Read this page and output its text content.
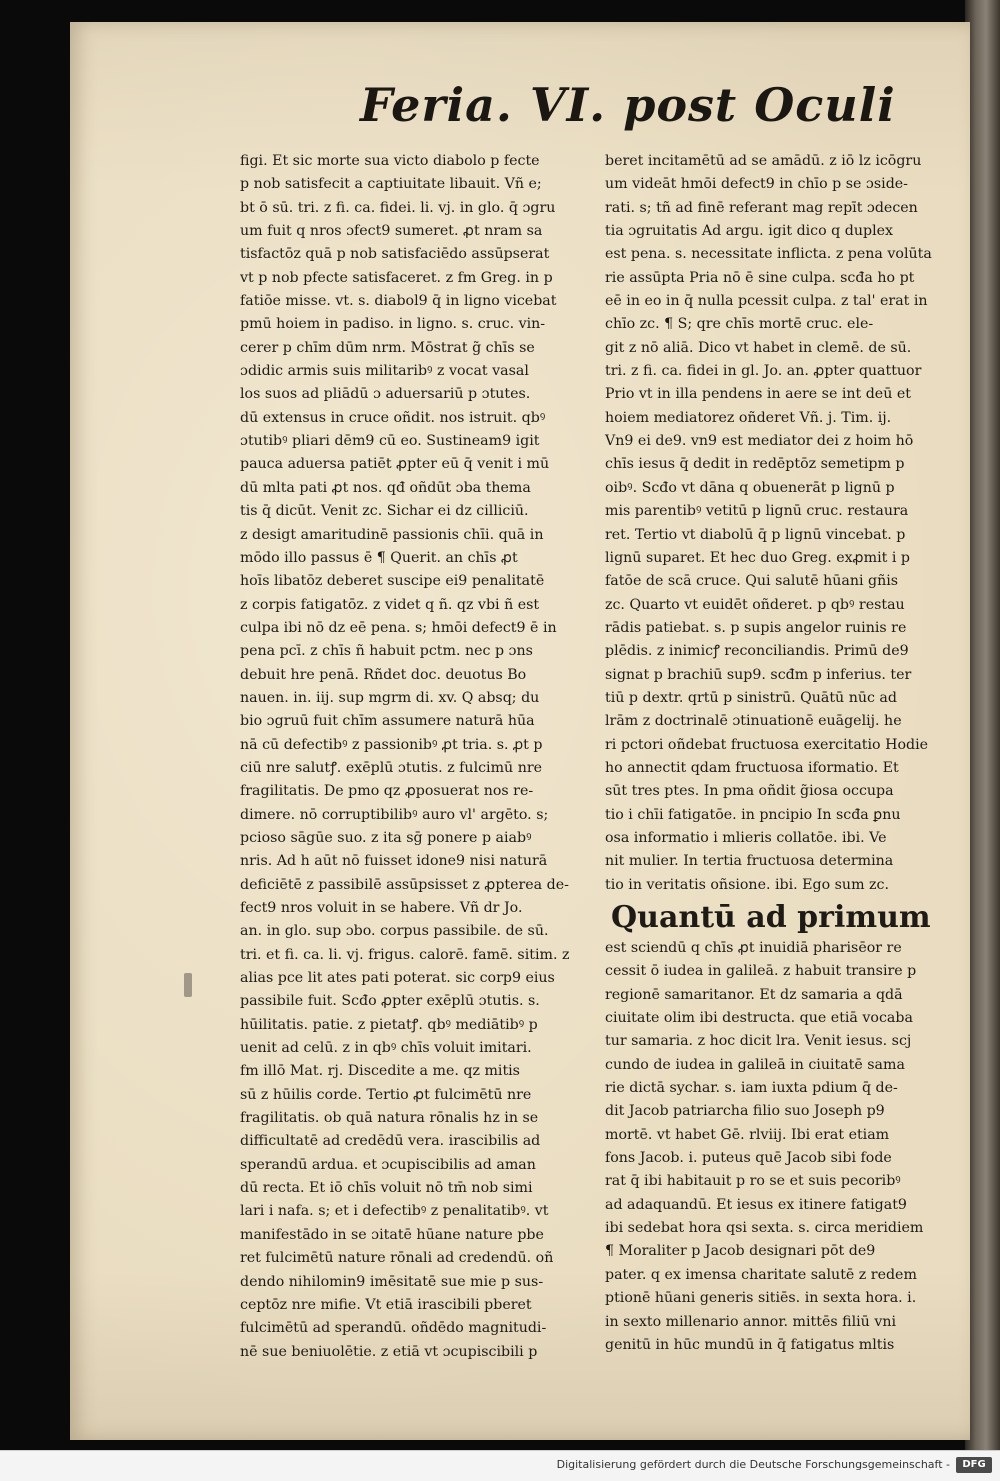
Feria. VI. post Oculi
figi. Et sic morte sua victo diabolo p fecte
p nob satisfecit a captiuitate libauit. Vñ e;
bt ō sū. tri. z fi. ca. fidei. li. vj. in glo. q̄ ɔgru
um fuit q nros ɔfect9 sumeret. ꝓt nram sa
tisfactōz quā p nob satisfaciēdo assūpserat
vt p nob pfecte satisfaceret. z fm Greg. in p
fatiōe misse. vt. s. diabol9 q̄ in ligno vicebat
pmū hoiem in padiso. in ligno. s. cruc. vin-
cerer p chīm dūm nrm. Mōstrat g̃ chīs se
ɔdidic armis suis militaribꝰ z vocat vasal
los suos ad pliādū ɔ aduersariū p ɔtutes.
dū extensus in cruce oñdit. nos istruit. qbꝰ
ɔtutibꝰ pliari dēm9 cū eo. Sustineam9 igit
pauca aduersa patiēt ꝓpter eū q̄ venit i mū
dū mlta pati ꝓt nos. qđ oñdūt ɔba thema
tis q̄ dicūt. Venit zc. Sichar ei dz cilliciū.
z desigt amaritudinē passionis chīi. quā in
mōdo illo passus ē ¶ Querit. an chīs ꝓt
hoīs libatōz deberet suscipe ei9 penalitatē
z corpis fatigatōz. z videt q ñ. qz vbi ñ est
culpa ibi nō dz eē pena. s; hmōi defect9 ē in
pena pcī. z chīs ñ habuit pctm. nec p ɔns
debuit hre penā. Rñdet doc. deuotus Bo
nauen. in. iij. sup mgrm di. xv. Q absq; du
bio ɔgruū fuit chīm assumere naturā hūa
nā cū defectibꝰ z passionibꝰ ꝓt tria. s. ꝓt p
ciū nre salutꝭ. exēplū ɔtutis. z fulcimū nre
fragilitatis. De pmo qz ꝓposuerat nos re-
dimere. nō corruptibilibꝰ auro vl' argēto. s;
pcioso sāgūe suo. z ita sḡ ponere p aiabꝰ
nris. Ad h aūt nō fuisset idone9 nisi naturā
deficiētē z passibilē assūpsisset z ꝓpterea de-
fect9 nros voluit in se habere. Vñ dr Jo.
an. in glo. sup ɔbo. corpus passibile. de sū.
tri. et fi. ca. li. vj. frigus. calorē. famē. sitim. z
alias pce lit ates pati poterat. sic corp9 eius
passibile fuit. Scđo ꝓpter exēplū ɔtutis. s.
hūilitatis. patie. z pietatꝭ. qbꝰ mediātibꝰ p
uenit ad celū. z in qbꝰ chīs voluit imitari.
fm illō Mat. rj. Discedite a me. qz mitis
sū z hūilis corde. Tertio ꝓt fulcimētū nre
fragilitatis. ob quā natura rōnalis hz in se
difficultatē ad credēdū vera. irascibilis ad
sperandū ardua. et ɔcupiscibilis ad aman
dū recta. Et iō chīs voluit nō tm̄ nob simi
lari i nafa. s; et i defectibꝰ z penalitatibꝰ. vt
manifestādo in se ɔitatē hūane nature pbe
ret fulcimētū nature rōnali ad credendū. oñ
dendo nihilomin9 imēsitatē sue mie p sus-
ceptōz nre mifie. Vt etiā irascibili pberet
fulcimētū ad sperandū. oñdēdo magnitudi-
nē sue beniuolētie. z etiā vt ɔcupiscibili p
beret incitamētū ad se amādū. z iō lz icōgru
um videāt hmōi defect9 in chīo p se ɔside-
rati. s; tñ ad finē referant mag repīt ɔdecen
tia ɔgruitatis Ad argu. igit dico q duplex
est pena. s. necessitate inflicta. z pena volūta
rie assūpta Pria nō ē sine culpa. scđa ho pt
eē in eo in q̄ nulla pcessit culpa. z tal' erat in
chīo zc. ¶ S; qre chīs mortē cruc. ele-
git z nō aliā. Dico vt habet in clemē. de sū.
tri. z fi. ca. fidei in gl. Jo. an. ꝓpter quattuor
Prio vt in illa pendens in aere se int deū et
hoiem mediatorez oñderet Vñ. j. Tim. ij.
Vn9 ei de9. vn9 est mediator dei z hoim hō
chīs iesus q̄ dedit in redēptōz semetipm p
oibꝰ. Scđo vt dāna q obuenerāt p lignū p
mis parentibꝰ vetitū p lignū cruc. restaura
ret. Tertio vt diabolū q̄ p lignū vincebat. p
lignū suparet. Et hec duo Greg. exꝓmit i p
fatōe de scā cruce. Qui salutē hūani gñis
zc. Quarto vt euidēt oñderet. p qbꝰ restau
rādis patiebat. s. p supis angelor ruinis re
plēdis. z inimicꝭ reconciliandis. Primū de9
signat p brachiū sup9. scđm p inferius. ter
tiū p dextr. qrtū p sinistrū. Quātū nūc ad
lrām z doctrinalē ɔtinuationē euāgelij. he
ri pctori oñdebat fructuosa exercitatio Hodie
ho annectit qdam fructuosa iformatio. Et
sūt tres ptes. In pma oñdit g̃iosa occupa
tio i chīi fatigatōe. in pncipio In scđa ꝑnu
osa informatio i mlieris collatōe. ibi. Ve
nit mulier. In tertia fructuosa determina
tio in veritatis oñsione. ibi. Ego sum zc.
Quantū ad primum
est sciendū q chīs ꝓt inuidiā pharisēor re
cessit ō iudea in galileā. z habuit transire p
regionē samaritanor. Et dz samaria a qdā
ciuitate olim ibi destructa. que etiā vocaba
tur samaria. z hoc dicit lra. Venit iesus. scj
cundo de iudea in galileā in ciuitatē sama
rie dictā sychar. s. iam iuxta pdium q̄ de-
dit Jacob patriarcha filio suo Joseph p9
mortē. vt habet Gē. rlviij. Ibi erat etiam
fons Jacob. i. puteus quē Jacob sibi fode
rat q̄ ibi habitauit p ro se et suis pecoribꝰ
ad adaquandū. Et iesus ex itinere fatigat9
ibi sedebat hora qsi sexta. s. circa meridiem
¶ Moraliter p Jacob designari pōt de9
pater. q ex imensa charitate salutē z redem
ptionē hūani generis sitiēs. in sexta hora. i.
in sexto millenario annor. mittēs filiū vni
genitū in hūc mundū in q̄ fatigatus mltis
Digitalisierung gefördert durch die Deutsche Forschungsgemeinschaft -	DFG
